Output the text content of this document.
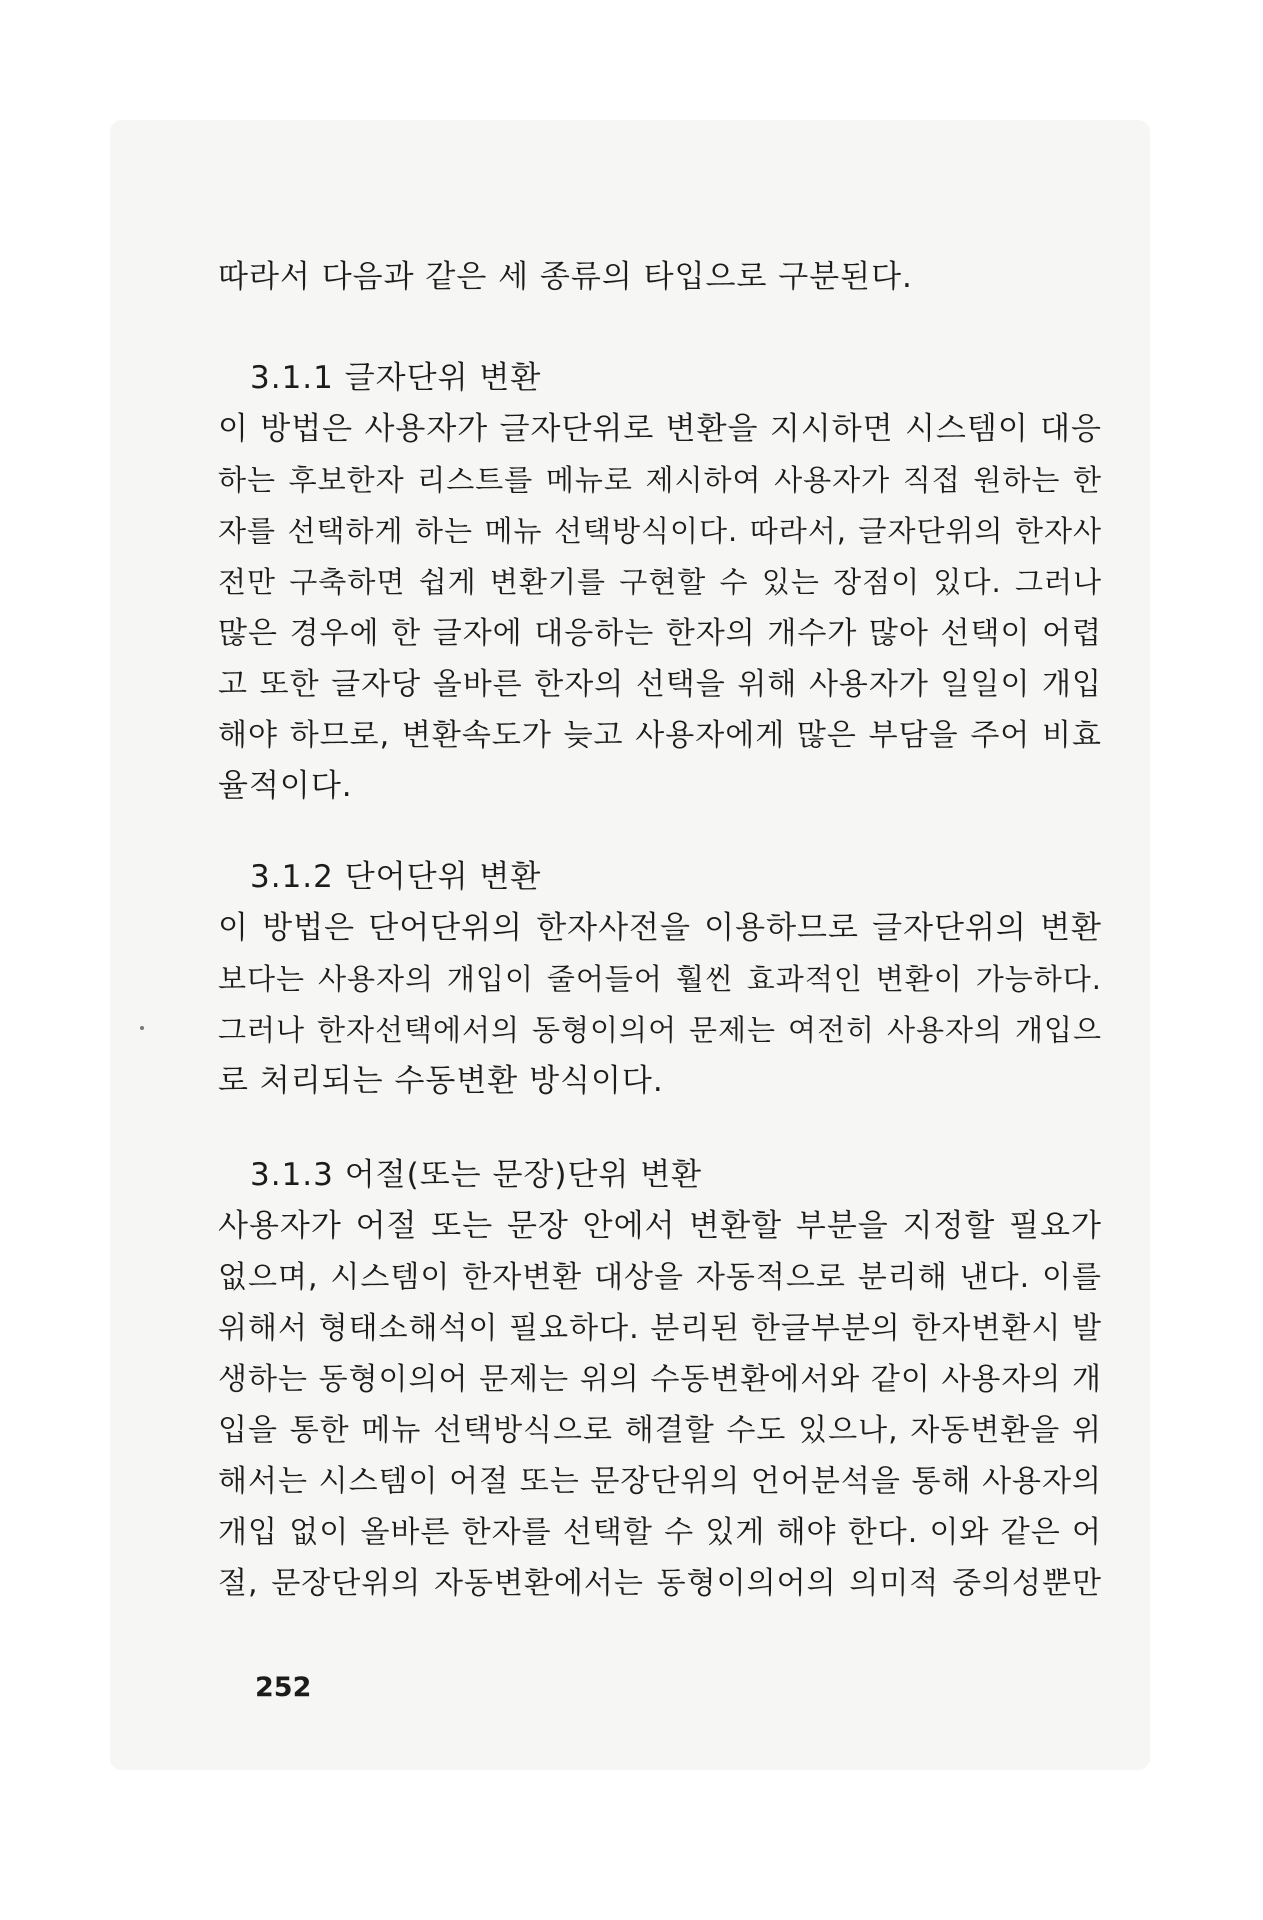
따라서 다음과 같은 세 종류의 타입으로 구분된다.
3.1.1 글자단위 변환
이 방법은 사용자가 글자단위로 변환을 지시하면 시스템이 대응
하는 후보한자 리스트를 메뉴로 제시하여 사용자가 직접 원하는 한
자를 선택하게 하는 메뉴 선택방식이다. 따라서, 글자단위의 한자사
전만 구축하면 쉽게 변환기를 구현할 수 있는 장점이 있다. 그러나
많은 경우에 한 글자에 대응하는 한자의 개수가 많아 선택이 어렵
고 또한 글자당 올바른 한자의 선택을 위해 사용자가 일일이 개입
해야 하므로, 변환속도가 늦고 사용자에게 많은 부담을 주어 비효
율적이다.
3.1.2 단어단위 변환
이 방법은 단어단위의 한자사전을 이용하므로 글자단위의 변환
보다는 사용자의 개입이 줄어들어 훨씬 효과적인 변환이 가능하다.
그러나 한자선택에서의 동형이의어 문제는 여전히 사용자의 개입으
로 처리되는 수동변환 방식이다.
3.1.3 어절(또는 문장)단위 변환
사용자가 어절 또는 문장 안에서 변환할 부분을 지정할 필요가
없으며, 시스템이 한자변환 대상을 자동적으로 분리해 낸다. 이를
위해서 형태소해석이 필요하다. 분리된 한글부분의 한자변환시 발
생하는 동형이의어 문제는 위의 수동변환에서와 같이 사용자의 개
입을 통한 메뉴 선택방식으로 해결할 수도 있으나, 자동변환을 위
해서는 시스템이 어절 또는 문장단위의 언어분석을 통해 사용자의
개입 없이 올바른 한자를 선택할 수 있게 해야 한다. 이와 같은 어
절, 문장단위의 자동변환에서는 동형이의어의 의미적 중의성뿐만
252
